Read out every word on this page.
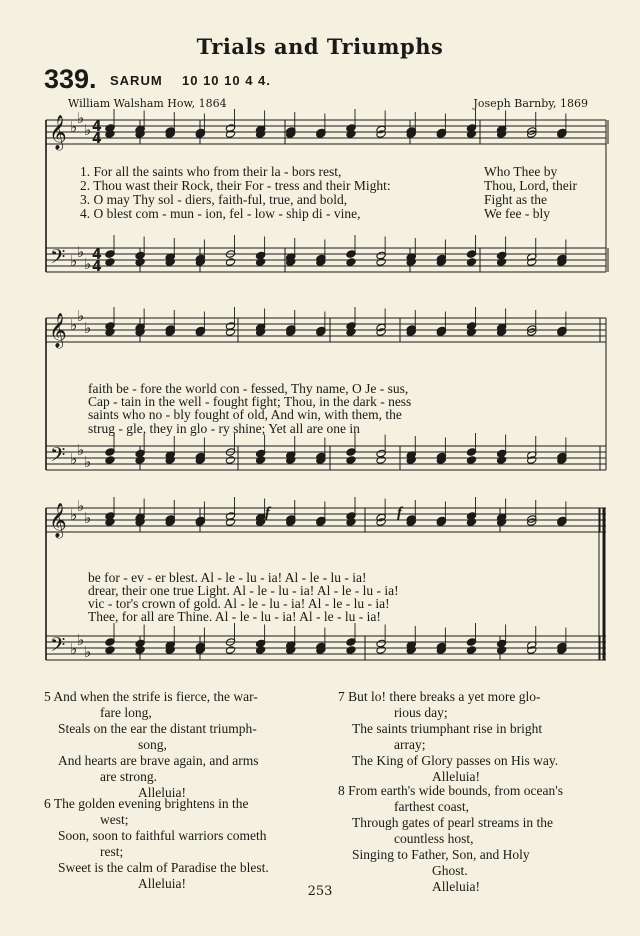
Trials and Triumphs
339. SARUM 10 10 10 4 4.
William Walsham How, 1864	Joseph Barnby, 1869
𝄞 ♭ ♭
♭
𝄢 ♭ ♭
♭
𝄞 ♭ ♭
♭
𝄢 ♭ ♭
♭
𝄞 ♭ ♭
♭
𝄢 ♭ ♭
♭
4
4
4
4
1. For all the saints who from their la - bors rest,
2. Thou wast their Rock, their For - tress and their Might:
3. O may Thy sol - diers, faith-ful, true, and bold,
4. O blest com - mun - ion, fel - low - ship di - vine,
Who Thee by
Thou, Lord, their
Fight as the
We fee - bly
faith be - fore the world con - fessed, Thy name, O Je - sus,
Cap - tain in the well - fought fight; Thou, in the dark - ness
saints who no - bly fought of old, And win, with them, the
strug - gle, they in glo - ry shine; Yet all are one in
be for - ev - er blest. Al - le - lu - ia! Al - le - lu - ia!
drear, their one true Light. Al - le - lu - ia! Al - le - lu - ia!
vic - tor's crown of gold. Al - le - lu - ia! Al - le - lu - ia!
Thee, for all are Thine. Al - le - lu - ia! Al - le - lu - ia!
f	f
5 And when the strife is fierce, the war-
fare long,
Steals on the ear the distant triumph-
song,
And hearts are brave again, and arms
are strong.
Alleluia!
6 The golden evening brightens in the
west;
Soon, soon to faithful warriors cometh
rest;
Sweet is the calm of Paradise the blest.
Alleluia!
7 But lo! there breaks a yet more glo-
rious day;
The saints triumphant rise in bright
array;
The King of Glory passes on His way.
Alleluia!
8 From earth's wide bounds, from ocean's
farthest coast,
Through gates of pearl streams in the
countless host,
Singing to Father, Son, and Holy
Ghost.
Alleluia!
253
